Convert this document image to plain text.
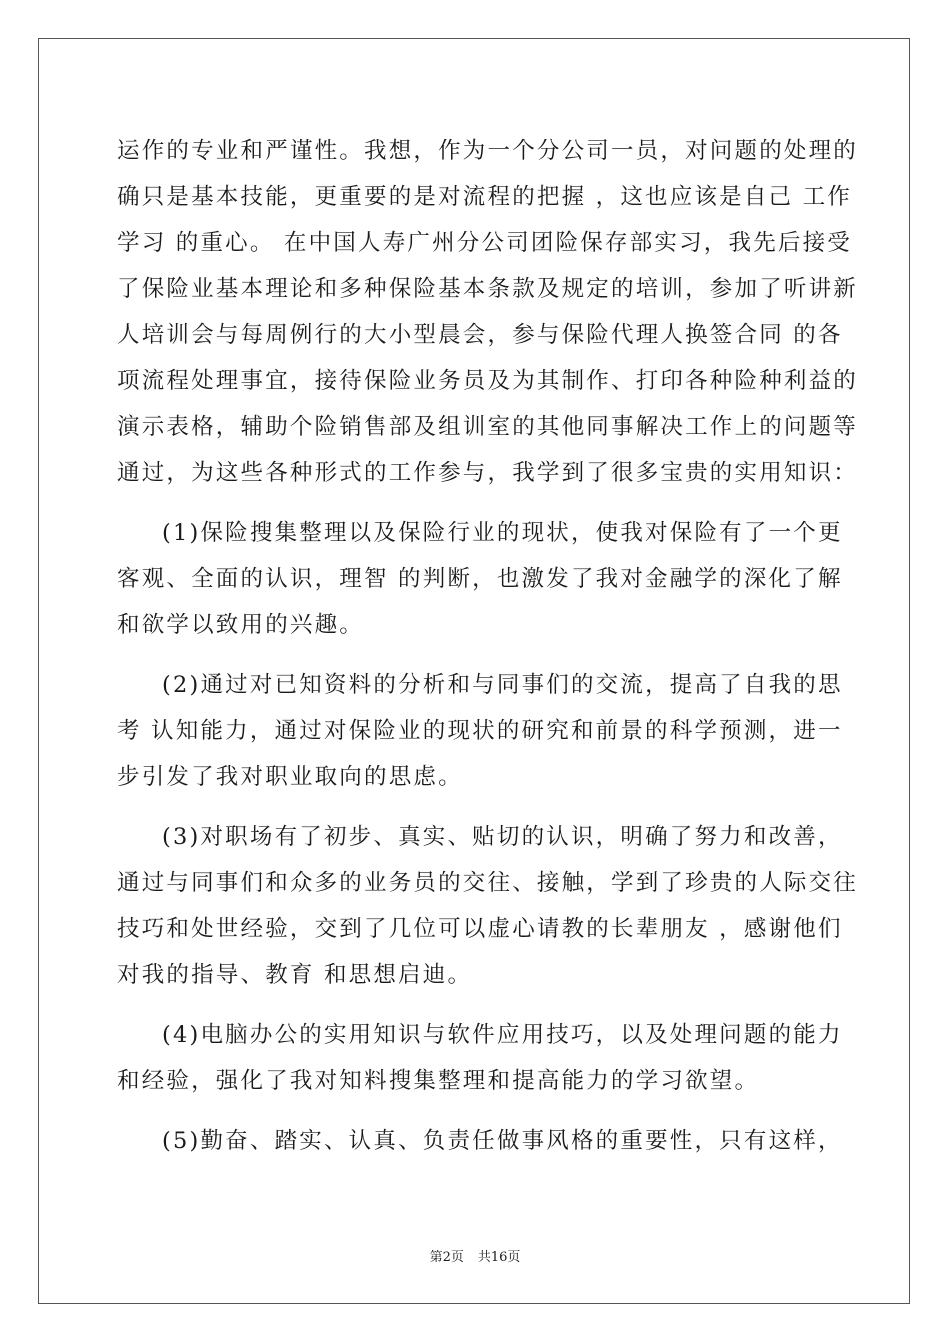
运作的专业和严谨性。我想，作为一个分公司一员，对问题的处理的
确只是基本技能，更重要的是对流程的把握 ，这也应该是自己 工作
学习 的重心。 在中国人寿广州分公司团险保存部实习，我先后接受
了保险业基本理论和多种保险基本条款及规定的培训，参加了听讲新
人培训会与每周例行的大小型晨会，参与保险代理人换签合同 的各
项流程处理事宜，接待保险业务员及为其制作、打印各种险种利益的
演示表格，辅助个险销售部及组训室的其他同事解决工作上的问题等
通过，为这些各种形式的工作参与，我学到了很多宝贵的实用知识：
(1)保险搜集整理以及保险行业的现状，使我对保险有了一个更
客观、全面的认识，理智 的判断，也激发了我对金融学的深化了解
和欲学以致用的兴趣。
(2)通过对已知资料的分析和与同事们的交流，提高了自我的思
考 认知能力，通过对保险业的现状的研究和前景的科学预测，进一
步引发了我对职业取向的思虑。
(3)对职场有了初步、真实、贴切的认识，明确了努力和改善，
通过与同事们和众多的业务员的交往、接触，学到了珍贵的人际交往
技巧和处世经验，交到了几位可以虚心请教的长辈朋友 ，感谢他们
对我的指导、教育 和思想启迪。
(4)电脑办公的实用知识与软件应用技巧，以及处理问题的能力
和经验，强化了我对知料搜集整理和提高能力的学习欲望。
(5)勤奋、踏实、认真、负责任做事风格的重要性，只有这样，
第2页 共16页
